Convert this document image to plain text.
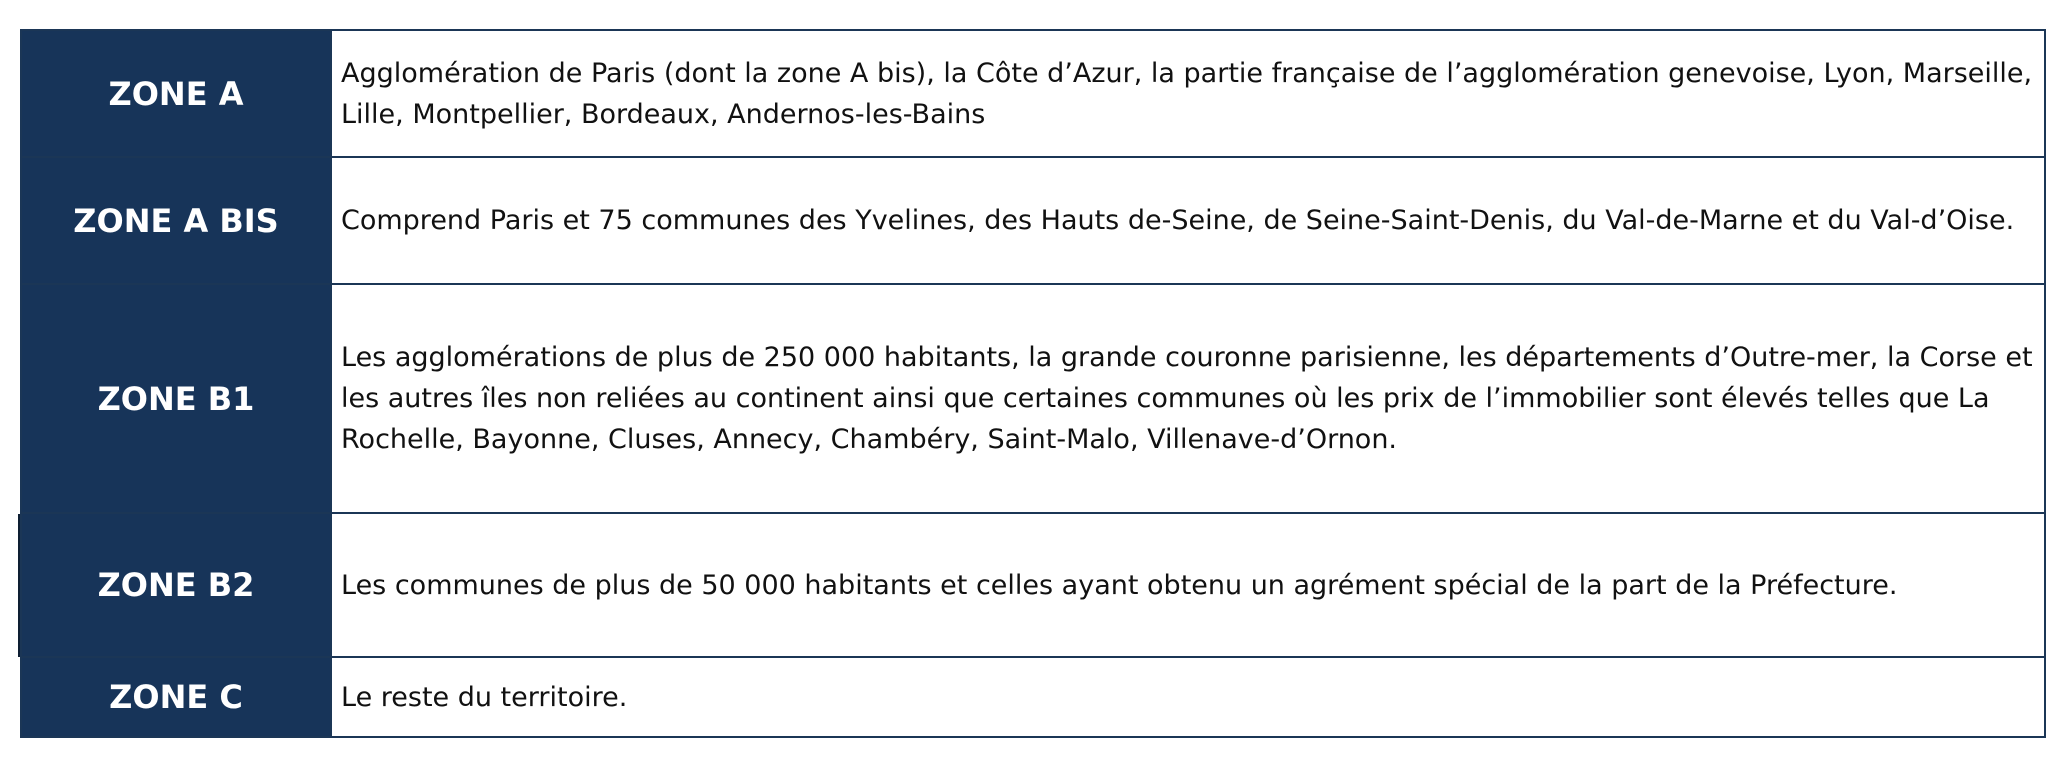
ZONE A	Agglomération de Paris (dont la zone A bis), la Côte d’Azur, la partie française de l’agglomération genevoise, Lyon, Marseille, Lille, Montpellier, Bordeaux, Andernos-les-Bains
ZONE A BIS	Comprend Paris et 75 communes des Yvelines, des Hauts de-Seine, de Seine-Saint-Denis, du Val-de-Marne et du Val-d’Oise.
ZONE B1	Les agglomérations de plus de 250 000 habitants, la grande couronne parisienne, les départements d’Outre-mer, la Corse et les autres îles non reliées au continent ainsi que certaines communes où les prix de l’immobilier sont élevés telles que La Rochelle, Bayonne, Cluses, Annecy, Chambéry, Saint-Malo, Villenave-d’Ornon.
ZONE B2	Les communes de plus de 50 000 habitants et celles ayant obtenu un agrément spécial de la part de la Préfecture.
ZONE C	Le reste du territoire.
